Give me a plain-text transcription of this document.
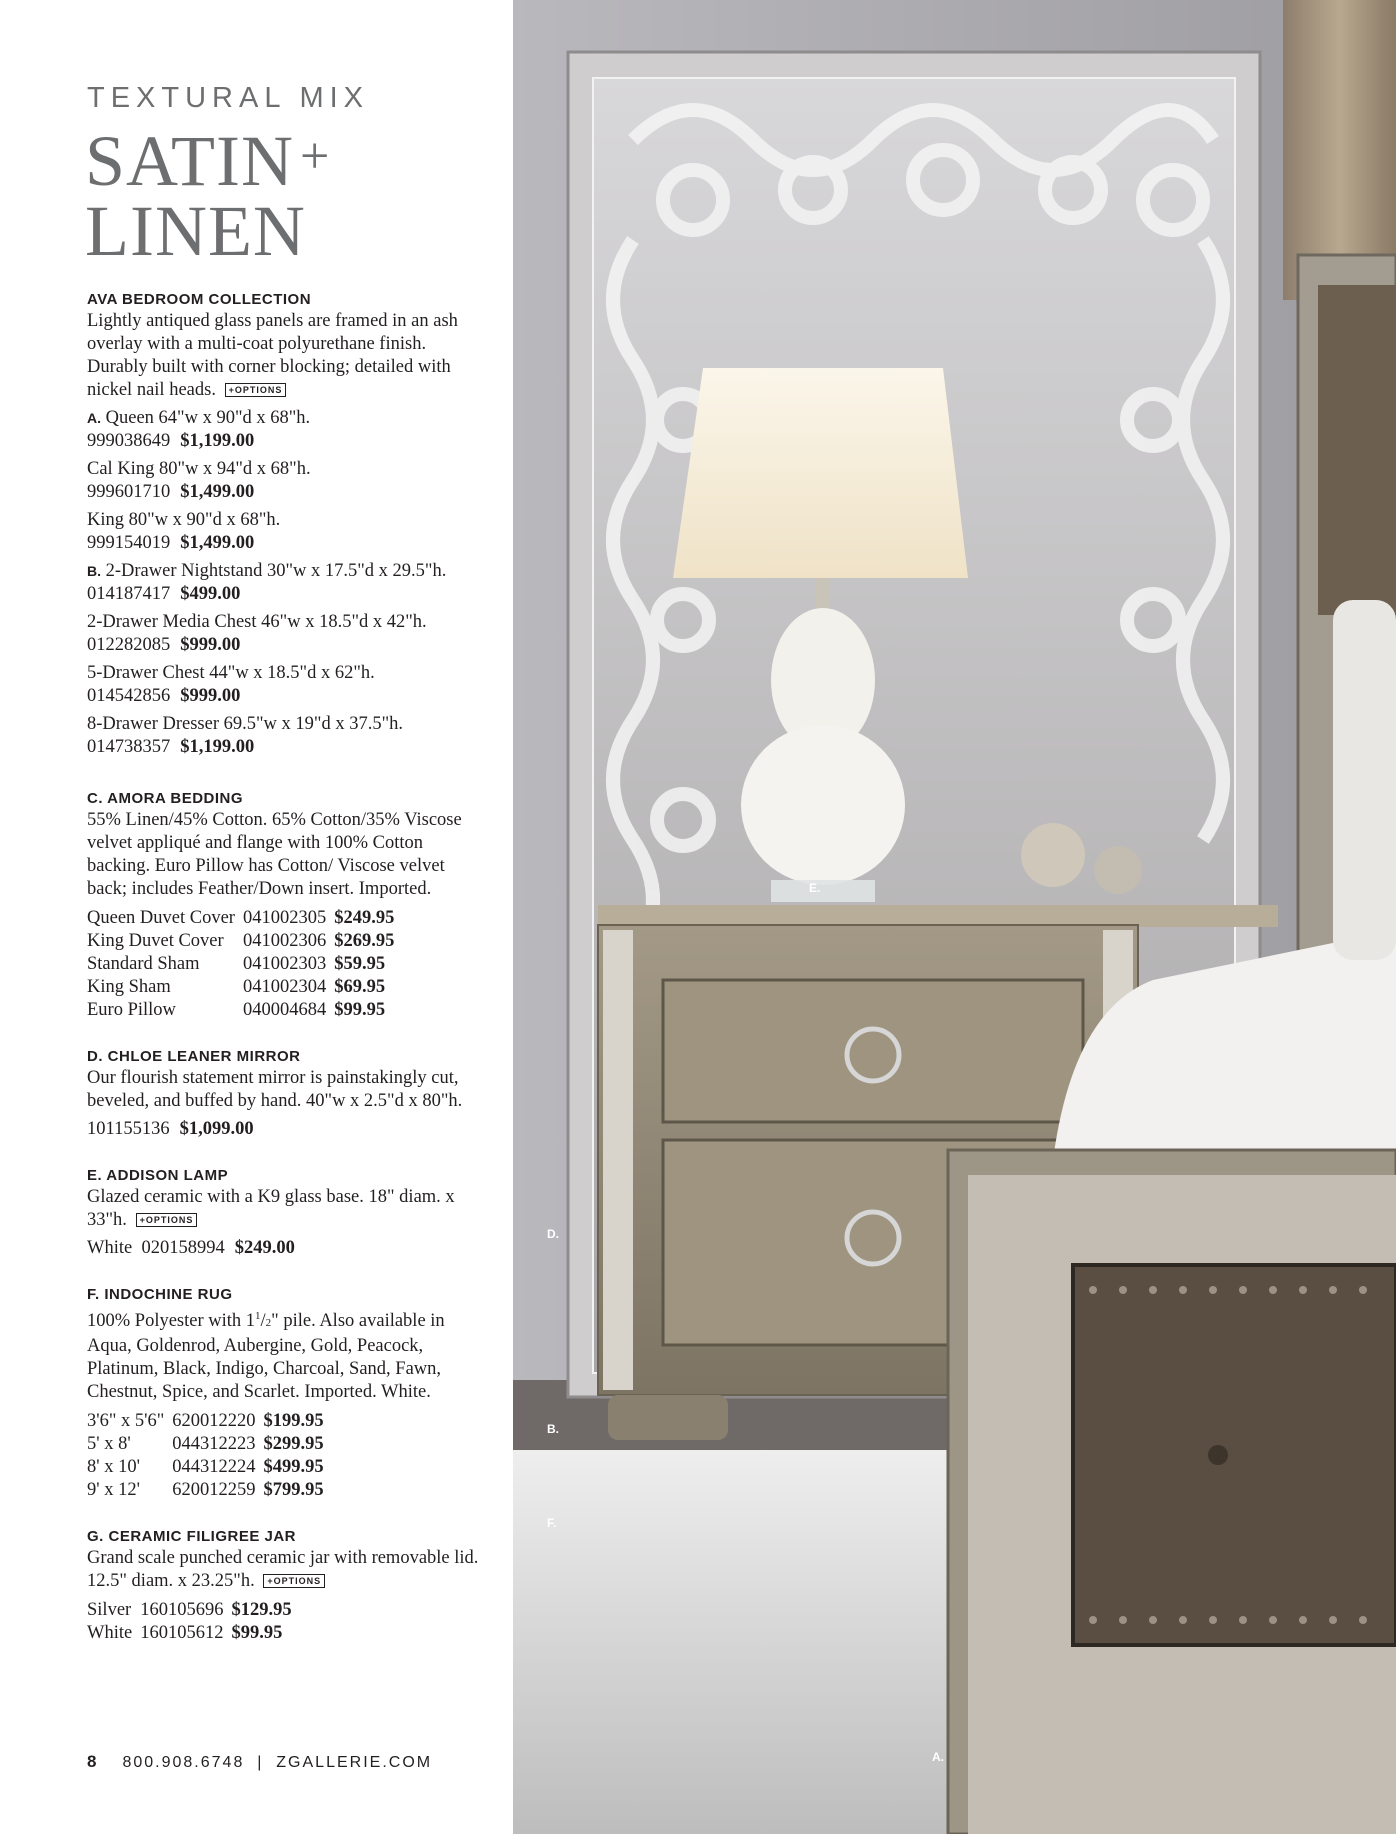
TEXTURAL MIX
SATIN +
LINEN
AVA BEDROOM COLLECTION

Lightly antiqued glass panels are framed in an ash overlay with a multi-coat polyurethane finish. Durably built with corner blocking; detailed with nickel nail heads. +OPTIONS

A. Queen 64"w x 90"d x 68"h.
999038649 $1,199.00
Cal King 80"w x 94"d x 68"h.
999601710 $1,499.00
King 80"w x 90"d x 68"h.
999154019 $1,499.00
B. 2-Drawer Nightstand 30"w x 17.5"d x 29.5"h.
014187417 $499.00
2-Drawer Media Chest 46"w x 18.5"d x 42"h.
012282085 $999.00
5-Drawer Chest 44"w x 18.5"d x 62"h.
014542856 $999.00
8-Drawer Dresser 69.5"w x 19"d x 37.5"h.
014738357 $1,199.00
C. AMORA BEDDING

55% Linen/45% Cotton. 65% Cotton/35% Viscose velvet appliqué and flange with 100% Cotton backing. Euro Pillow has Cotton/ Viscose velvet back; includes Feather/Down insert. Imported.

Queen Duvet Cover	041002305	$249.95
King Duvet Cover	041002306	$269.95
Standard Sham	041002303	$59.95
King Sham	041002304	$69.95
Euro Pillow	040004684	$99.95
D. CHLOE LEANER MIRROR

Our flourish statement mirror is painstakingly cut, beveled, and buffed by hand. 40"w x 2.5"d x 80"h.

101155136 $1,099.00
E. ADDISON LAMP

Glazed ceramic with a K9 glass base. 18" diam. x 33"h. +OPTIONS

White 020158994 $249.00
F. INDOCHINE RUG

100% Polyester with $1^1/2$" pile. Also available in Aqua, Goldenrod, Aubergine, Gold, Peacock, Platinum, Black, Indigo, Charcoal, Sand, Fawn, Chestnut, Spice, and Scarlet. Imported. White.

3'6" x 5'6"	620012220	$199.95
5' x 8'	044312223	$299.95
8' x 10'	044312224	$499.95
9' x 12'	620012259	$799.95
G. CERAMIC FILIGREE JAR

Grand scale punched ceramic jar with removable lid. 12.5" diam. x 23.25"h. +OPTIONS

Silver	160105696	$129.95
White	160105612	$99.95
8 800.908.6748 | ZGALLERIE.COM
E.
D.
B.
F.
A.
